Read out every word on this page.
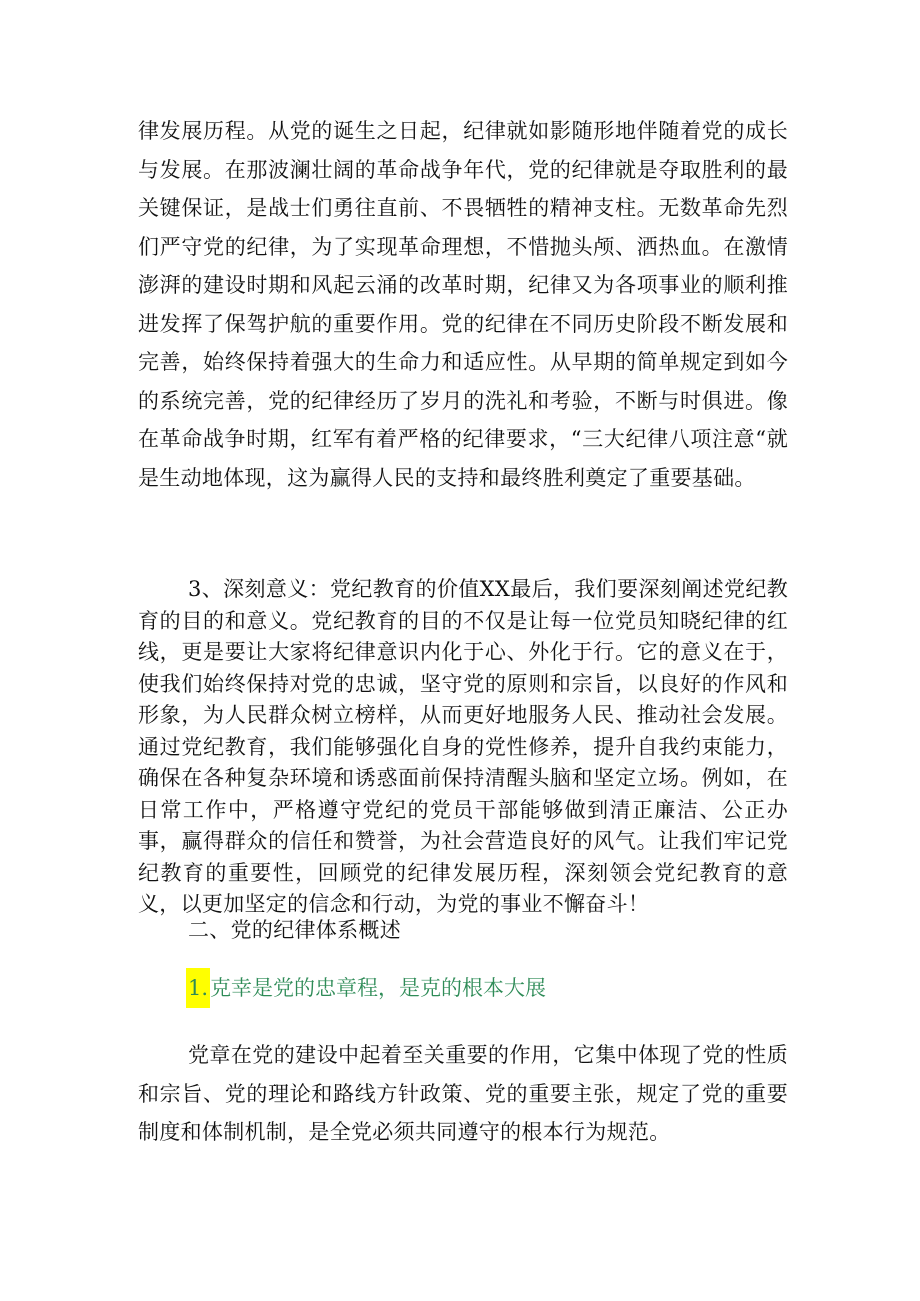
律发展历程。从党的诞生之日起，纪律就如影随形地伴随着党的成长与发展。在那波澜壮阔的革命战争年代，党的纪律就是夺取胜利的最关键保证，是战士们勇往直前、不畏牺牲的精神支柱。无数革命先烈们严守党的纪律，为了实现革命理想，不惜抛头颅、洒热血。在激情澎湃的建设时期和风起云涌的改革时期，纪律又为各项事业的顺利推进发挥了保驾护航的重要作用。党的纪律在不同历史阶段不断发展和完善，始终保持着强大的生命力和适应性。从早期的简单规定到如今的系统完善，党的纪律经历了岁月的洗礼和考验，不断与时俱进。像在革命战争时期，红军有着严格的纪律要求，“三大纪律八项注意“就是生动地体现，这为赢得人民的支持和最终胜利奠定了重要基础。

3、深刻意义：党纪教育的价值XX最后，我们要深刻阐述党纪教育的目的和意义。党纪教育的目的不仅是让每一位党员知晓纪律的红线，更是要让大家将纪律意识内化于心、外化于行。它的意义在于，使我们始终保持对党的忠诚，坚守党的原则和宗旨，以良好的作风和形象，为人民群众树立榜样，从而更好地服务人民、推动社会发展。通过党纪教育，我们能够强化自身的党性修养，提升自我约束能力，确保在各种复杂环境和诱惑面前保持清醒头脑和坚定立场。例如，在日常工作中，严格遵守党纪的党员干部能够做到清正廉洁、公正办事，赢得群众的信任和赞誉，为社会营造良好的风气。让我们牢记党纪教育的重要性，回顾党的纪律发展历程，深刻领会党纪教育的意义，以更加坚定的信念和行动，为党的事业不懈奋斗！

二、党的纪律体系概述

1.克幸是党的忠章程，是克的根本大展

党章在党的建设中起着至关重要的作用，它集中体现了党的性质和宗旨、党的理论和路线方针政策、党的重要主张，规定了党的重要制度和体制机制，是全党必须共同遵守的根本行为规范。
